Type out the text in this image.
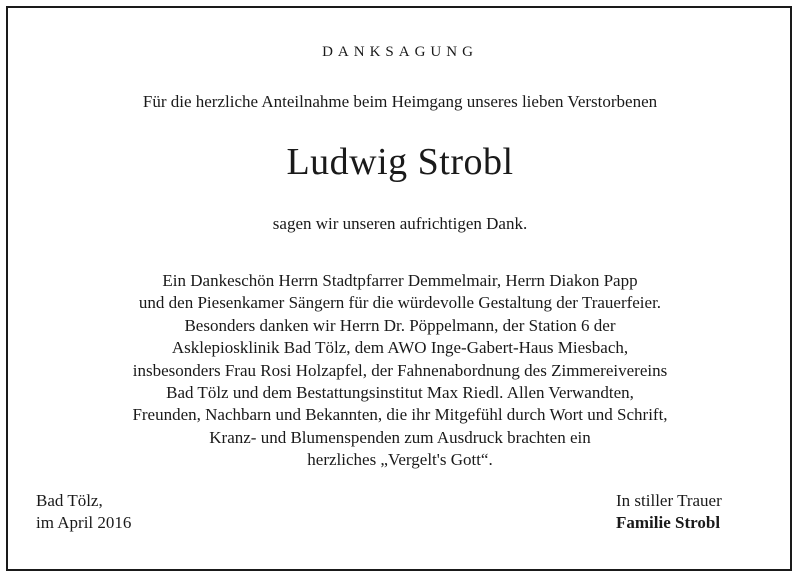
DANKSAGUNG
Für die herzliche Anteilnahme beim Heimgang unseres lieben Verstorbenen
Ludwig Strobl
sagen wir unseren aufrichtigen Dank.
Ein Dankeschön Herrn Stadtpfarrer Demmelmair, Herrn Diakon Papp
und den Piesenkamer Sängern für die würdevolle Gestaltung der Trauerfeier.
Besonders danken wir Herrn Dr. Pöppelmann, der Station 6 der
Asklepiosklinik Bad Tölz, dem AWO Inge-Gabert-Haus Miesbach,
insbesonders Frau Rosi Holzapfel, der Fahnenabordnung des Zimmereivereins
Bad Tölz und dem Bestattungsinstitut Max Riedl. Allen Verwandten,
Freunden, Nachbarn und Bekannten, die ihr Mitgefühl durch Wort und Schrift,
Kranz- und Blumenspenden zum Ausdruck brachten ein
herzliches „Vergelt's Gott“.
Bad Tölz,
im April 2016
In stiller Trauer
Familie Strobl
